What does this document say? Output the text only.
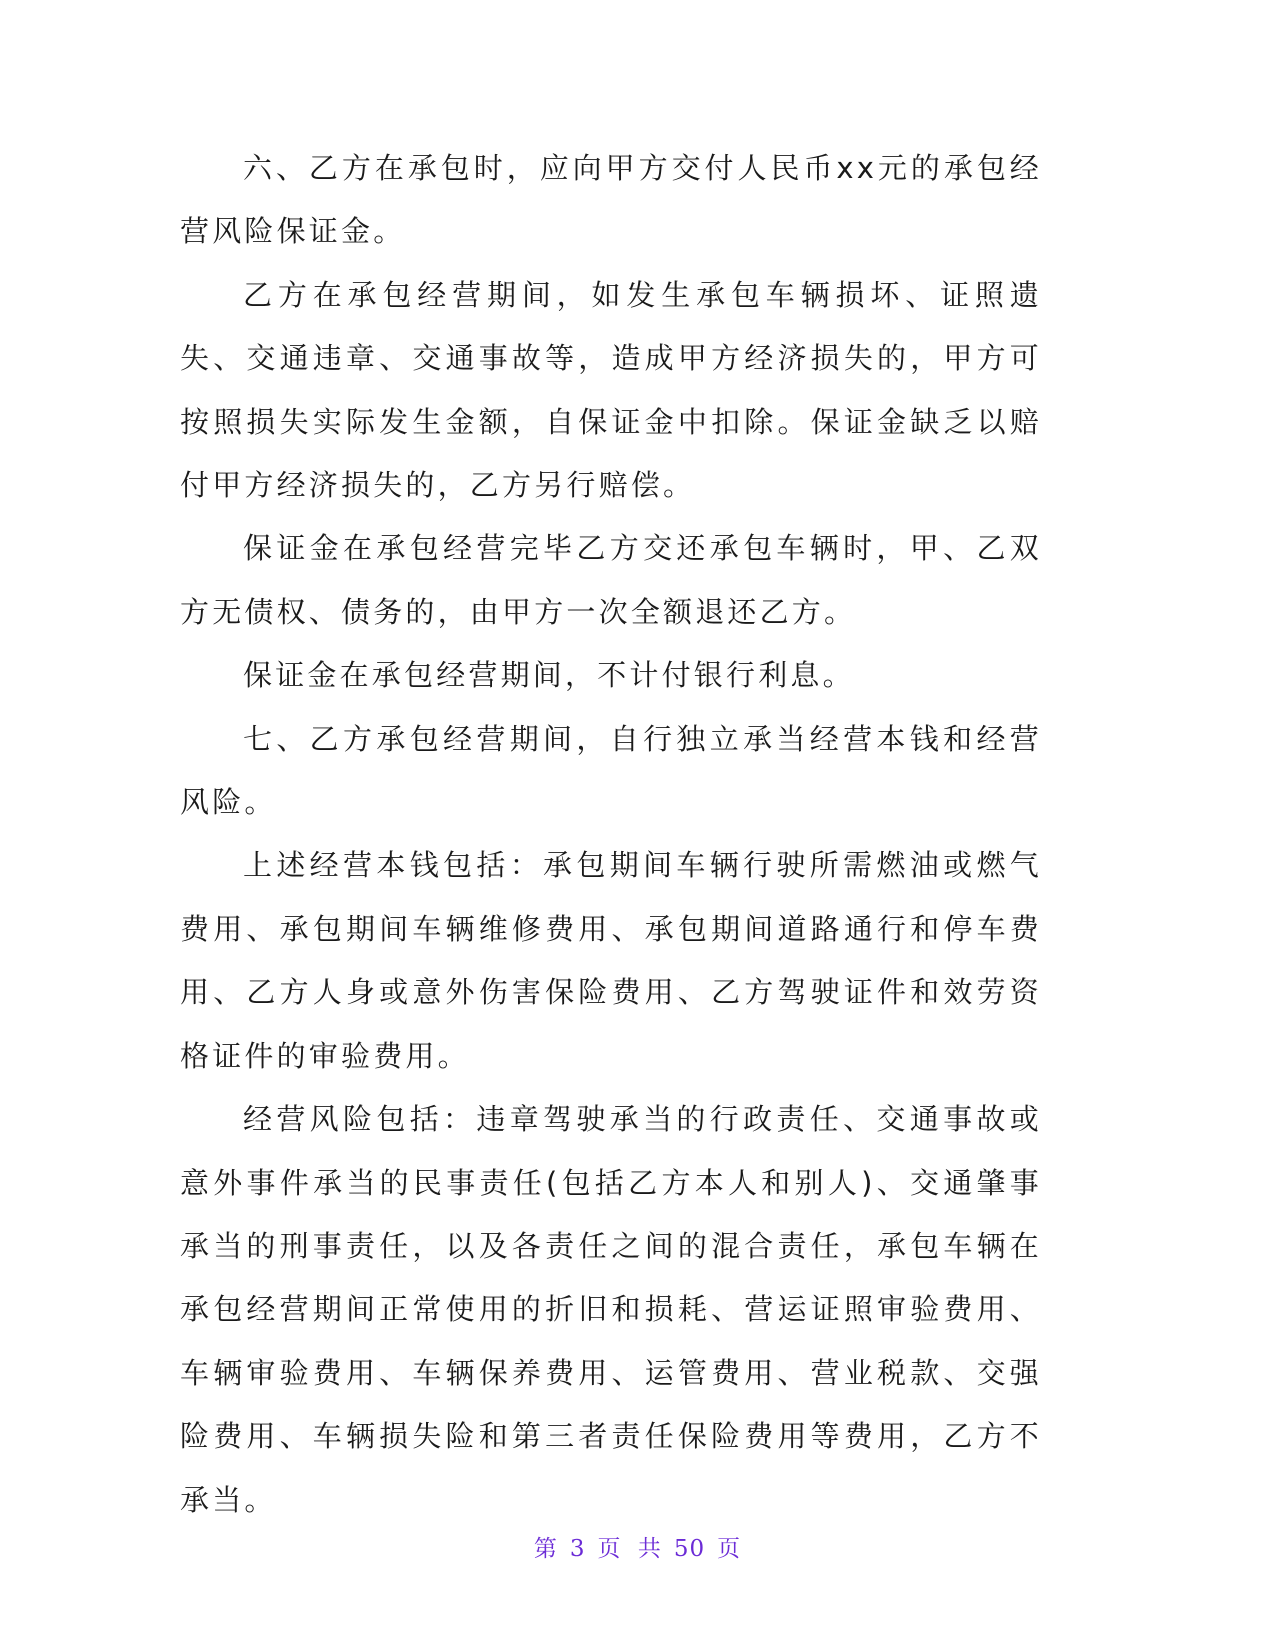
六、乙方在承包时，应向甲方交付人民币xx元的承包经营风险保证金。

乙方在承包经营期间，如发生承包车辆损坏、证照遗失、交通违章、交通事故等，造成甲方经济损失的，甲方可按照损失实际发生金额，自保证金中扣除。保证金缺乏以赔付甲方经济损失的，乙方另行赔偿。

保证金在承包经营完毕乙方交还承包车辆时，甲、乙双方无债权、债务的，由甲方一次全额退还乙方。

保证金在承包经营期间，不计付银行利息。

七、乙方承包经营期间，自行独立承当经营本钱和经营风险。

上述经营本钱包括：承包期间车辆行驶所需燃油或燃气费用、承包期间车辆维修费用、承包期间道路通行和停车费用、乙方人身或意外伤害保险费用、乙方驾驶证件和效劳资格证件的审验费用。

经营风险包括：违章驾驶承当的行政责任、交通事故或意外事件承当的民事责任(包括乙方本人和别人)、交通肇事承当的刑事责任，以及各责任之间的混合责任，承包车辆在承包经营期间正常使用的折旧和损耗、营运证照审验费用、车辆审验费用、车辆保养费用、运管费用、营业税款、交强险费用、车辆损失险和第三者责任保险费用等费用，乙方不承当。

第 3 页 共 50 页
